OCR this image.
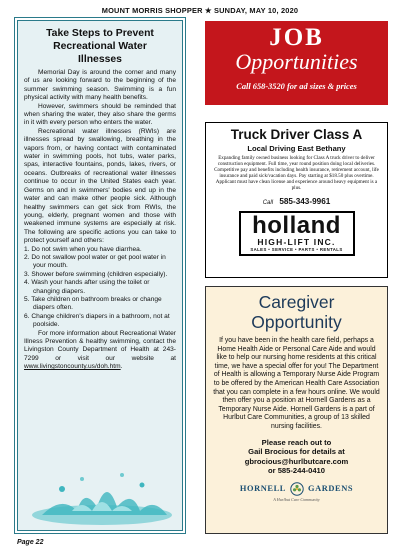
MOUNT MORRIS SHOPPER ★ SUNDAY, MAY 10, 2020
Take Steps to Prevent
Recreational Water
Illnesses

Memorial Day is around the corner and many of us are looking forward to the beginning of the summer swimming season. Swimming is a fun physical activity with many health benefits.

However, swimmers should be reminded that when sharing the water, they also share the germs in it with every person who enters the water.

Recreational water illnesses (RWIs) are illnesses spread by swallowing, breathing in the vapors from, or having contact with contaminated water in swimming pools, hot tubs, water parks, spas, interactive fountains, ponds, lakes, rivers, or oceans. Outbreaks of recreational water illnesses continue to occur in the United States each year. Germs on and in swimmers' bodies end up in the water and can make other people sick. Although healthy swimmers can get sick from RWIs, the young, elderly, pregnant women and those with weakened immune systems are especially at risk. The following are specific actions you can take to protect yourself and others:

1. Do not swim when you have diarrhea.
2. Do not swallow pool water or get pool water in your mouth.
3. Shower before swimming (children especially).
4. Wash your hands after using the toilet or changing diapers.
5. Take children on bathroom breaks or change diapers often.
6. Change children's diapers in a bathroom, not at poolside.

For more information about Recreational Water Illness Prevention & healthy swimming, contact the Livingston County Department of Health at 243-7299 or visit our website at www.livingstoncounty.us/doh.htm.

JOB
Opportunities
Call 658-3520 for ad sizes & prices
Truck Driver Class A
Local Driving East Bethany
Expanding family owned business looking for Class A truck driver to deliver construction equipment. Full time, year round position doing local deliveries. Competitive pay and benefits including health insurance, retirement account, life insurance and paid sick/vacation days. Pay starting at $18.50 plus overtime. Applicant must have clean license and experience around heavy equipment is a plus.
Call 585-343-9961
holland
HIGH-LIFT INC.
SALES • SERVICE • PARTS • RENTALS
Caregiver
Opportunity
If you have been in the health care field, perhaps a Home Health Aide or Personal Care Aide and would like to help our nursing home residents at this critical time, we have a special offer for you! The Department of Health is allowing a Temporary Nurse Aide Program to be offered by the American Health Care Association that you can complete in a few hours online. We would then offer you a position at Hornell Gardens as a Temporary Nurse Aide. Hornell Gardens is a part of Hurlbut Care Communities, a group of 13 skilled nursing facilities.
Please reach out to
Gail Brocious for details at
gbrocious@hurlbutcare.com
or 585-244-0410
HORNELL	GARDENS
A Hurlbut Care Community
Page 22
